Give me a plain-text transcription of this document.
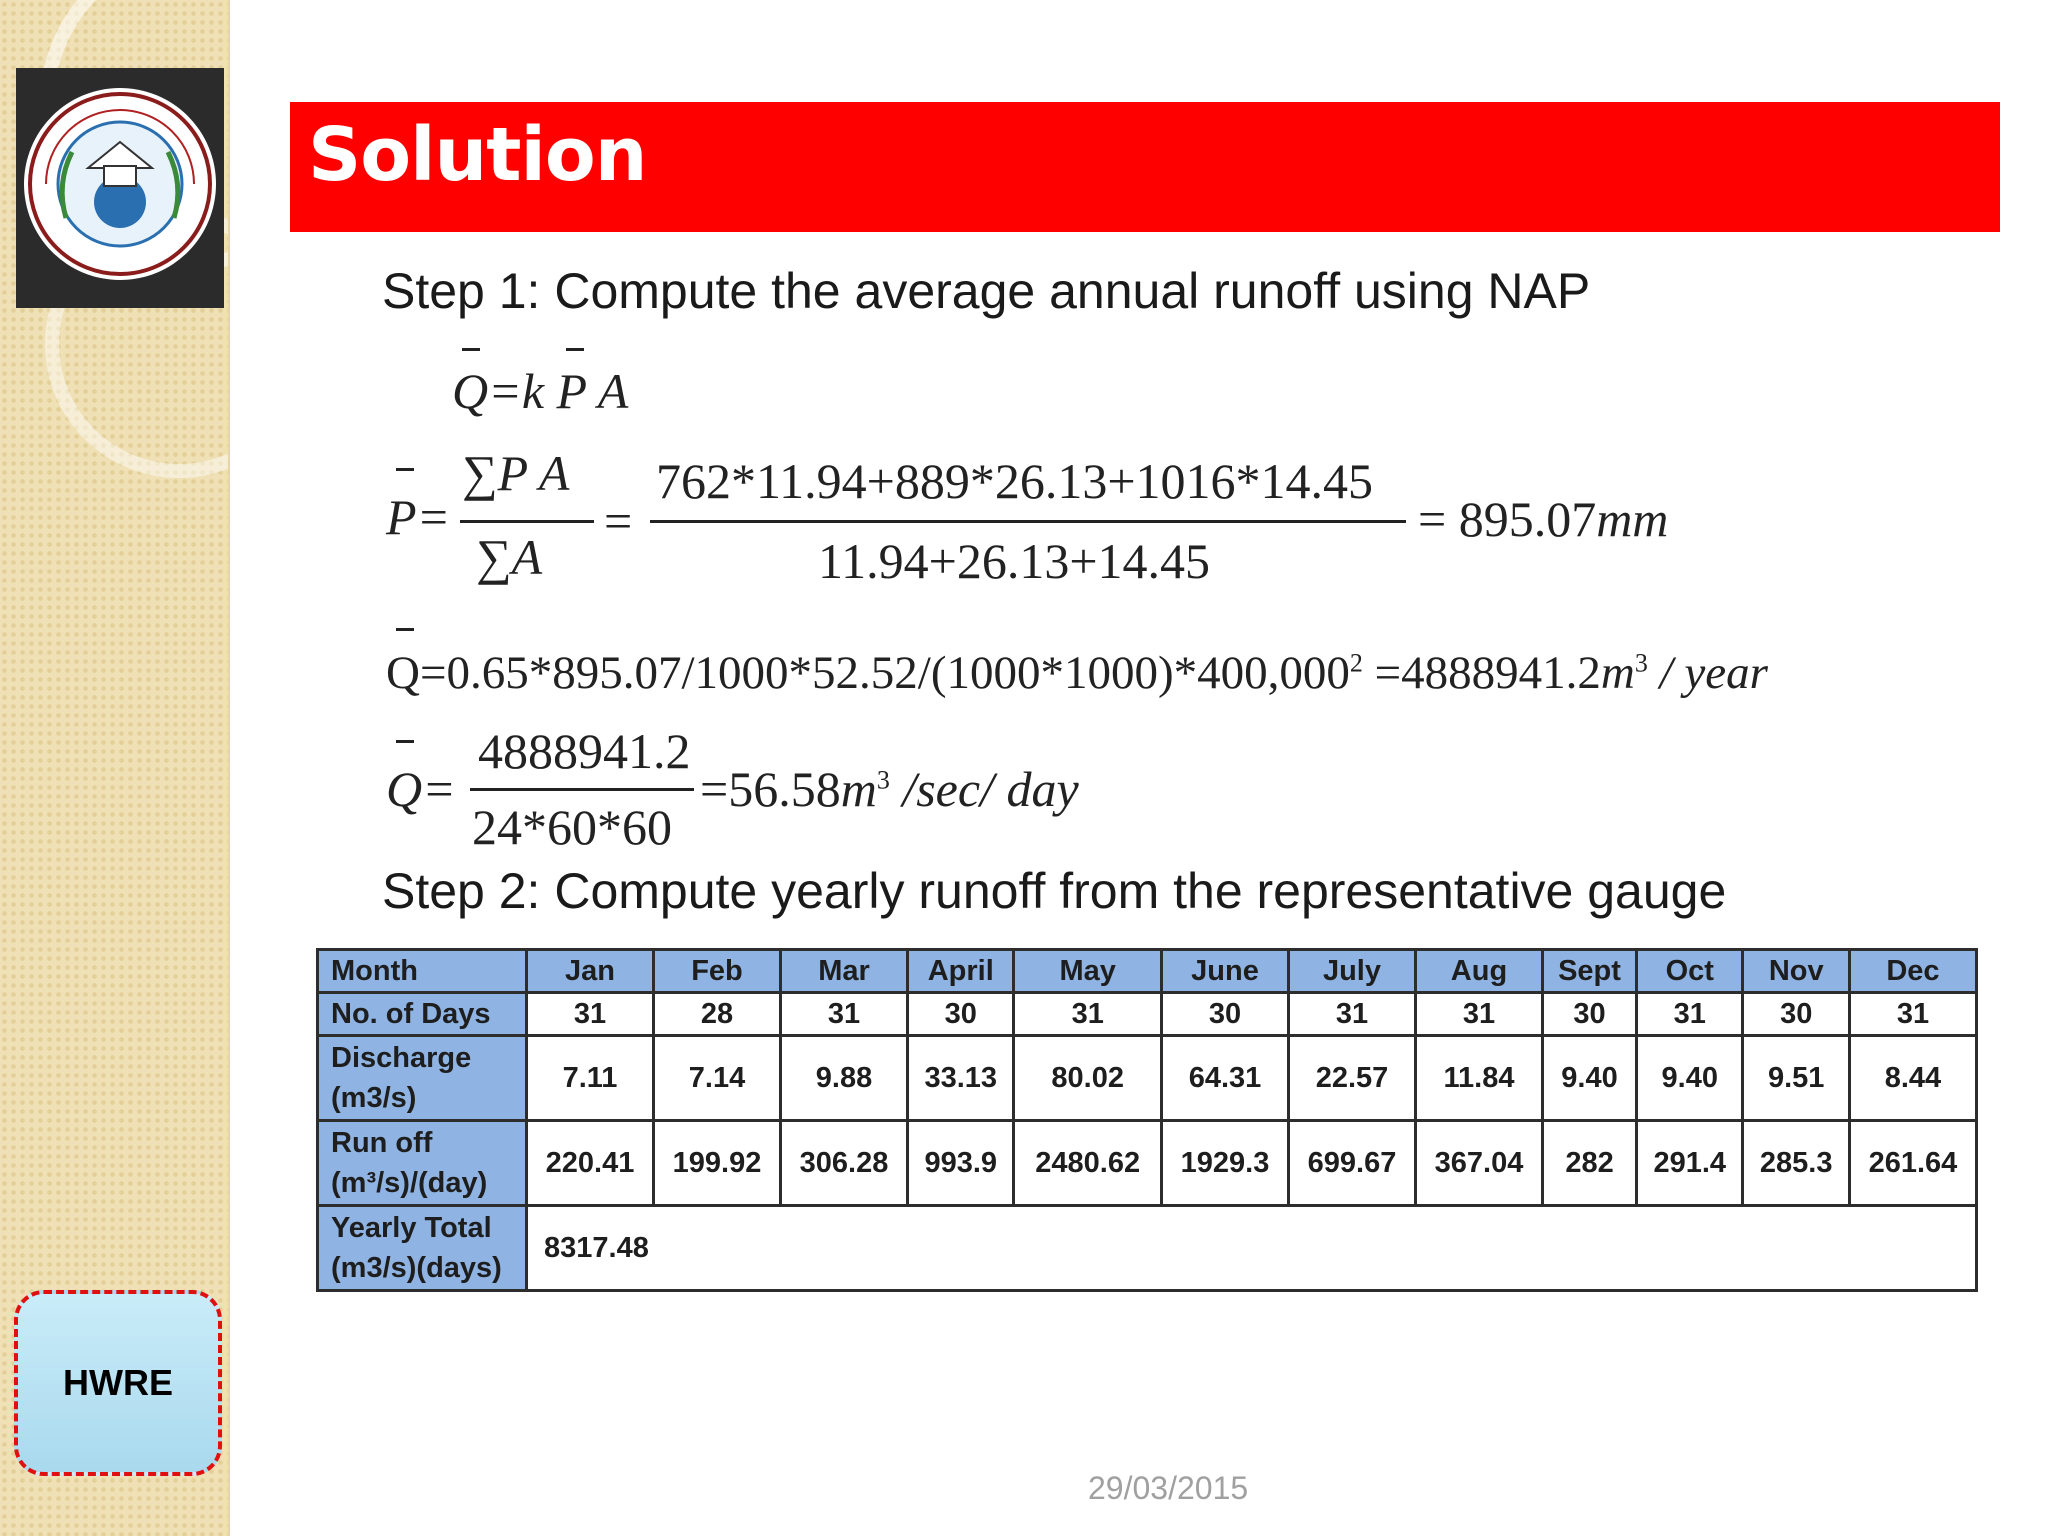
HWRE
Solution
Step 1: Compute the average annual runoff using NAP
Q=k P A
P=
∑P A
∑A
=
762*11.94+889*26.13+1016*14.45
11.94+26.13+14.45
= 895.07mm
$Q=0.65*895.07/1000*52.52/(1000*1000)*400,000^2 =4888941.2m^3$ / year
Q=
4888941.2
24*60*60
$=56.58m^3$ /sec/ day
Step 2: Compute yearly runoff from the representative gauge
Month	Jan	Feb	Mar	April	May	June	July	Aug	Sept	Oct	Nov	Dec
No. of Days	31	28	31	30	31	30	31	31	30	31	30	31

Discharge
(m3/s)	7.11	7.14	9.88	33.13	80.02	64.31	22.57	11.84	9.40	9.40	9.51	8.44

Run off
(m³/s)/(day)	220.41	199.92	306.28	993.9	2480.62	1929.3	699.67	367.04	282	291.4	285.3	261.64

Yearly Total
(m3/s)(days)	8317.48											
29/03/2015
